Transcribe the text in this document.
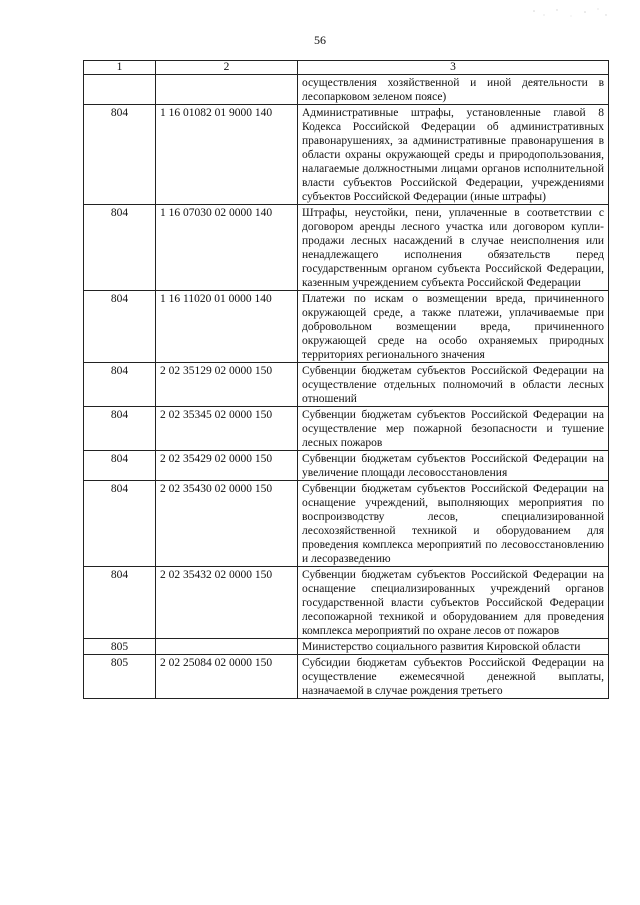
56
1	2	3
		осуществления хозяйственной и иной деятельности в лесопарковом зеленом поясе)
804	1 16 01082 01 9000 140	Административные штрафы, установленные главой 8 Кодекса Российской Федерации об административных правонарушениях, за административные правонарушения в области охраны окружающей среды и природопользования, налагаемые должностными лицами органов исполнительной власти субъектов Российской Федерации, учреждениями субъектов Российской Федерации (иные штрафы)
804	1 16 07030 02 0000 140	Штрафы, неустойки, пени, уплаченные в соответствии с договором аренды лесного участка или договором купли-продажи лесных насаждений в случае неисполнения или ненадлежащего исполнения обязательств перед государственным органом субъекта Российской Федерации, казенным учреждением субъекта Российской Федерации
804	1 16 11020 01 0000 140	Платежи по искам о возмещении вреда, причиненного окружающей среде, а также платежи, уплачиваемые при добровольном возмещении вреда, причиненного окружающей среде на особо охраняемых природных территориях регионального значения
804	2 02 35129 02 0000 150	Субвенции бюджетам субъектов Российской Федерации на осуществление отдельных полномочий в области лесных отношений
804	2 02 35345 02 0000 150	Субвенции бюджетам субъектов Российской Федерации на осуществление мер пожарной безопасности и тушение лесных пожаров
804	2 02 35429 02 0000 150	Субвенции бюджетам субъектов Российской Федерации на увеличение площади лесовосстановления
804	2 02 35430 02 0000 150	Субвенции бюджетам субъектов Российской Федерации на оснащение учреждений, выполняющих мероприятия по воспроизводству лесов, специализированной лесохозяйственной техникой и оборудованием для проведения комплекса мероприятий по лесовосстановлению и лесоразведению
804	2 02 35432 02 0000 150	Субвенции бюджетам субъектов Российской Федерации на оснащение специализированных учреждений органов государственной власти субъектов Российской Федерации лесопожарной техникой и оборудованием для проведения комплекса мероприятий по охране лесов от пожаров
805		Министерство социального развития Кировской области
805	2 02 25084 02 0000 150	Субсидии бюджетам субъектов Российской Федерации на осуществление ежемесячной денежной выплаты, назначаемой в случае рождения третьего
